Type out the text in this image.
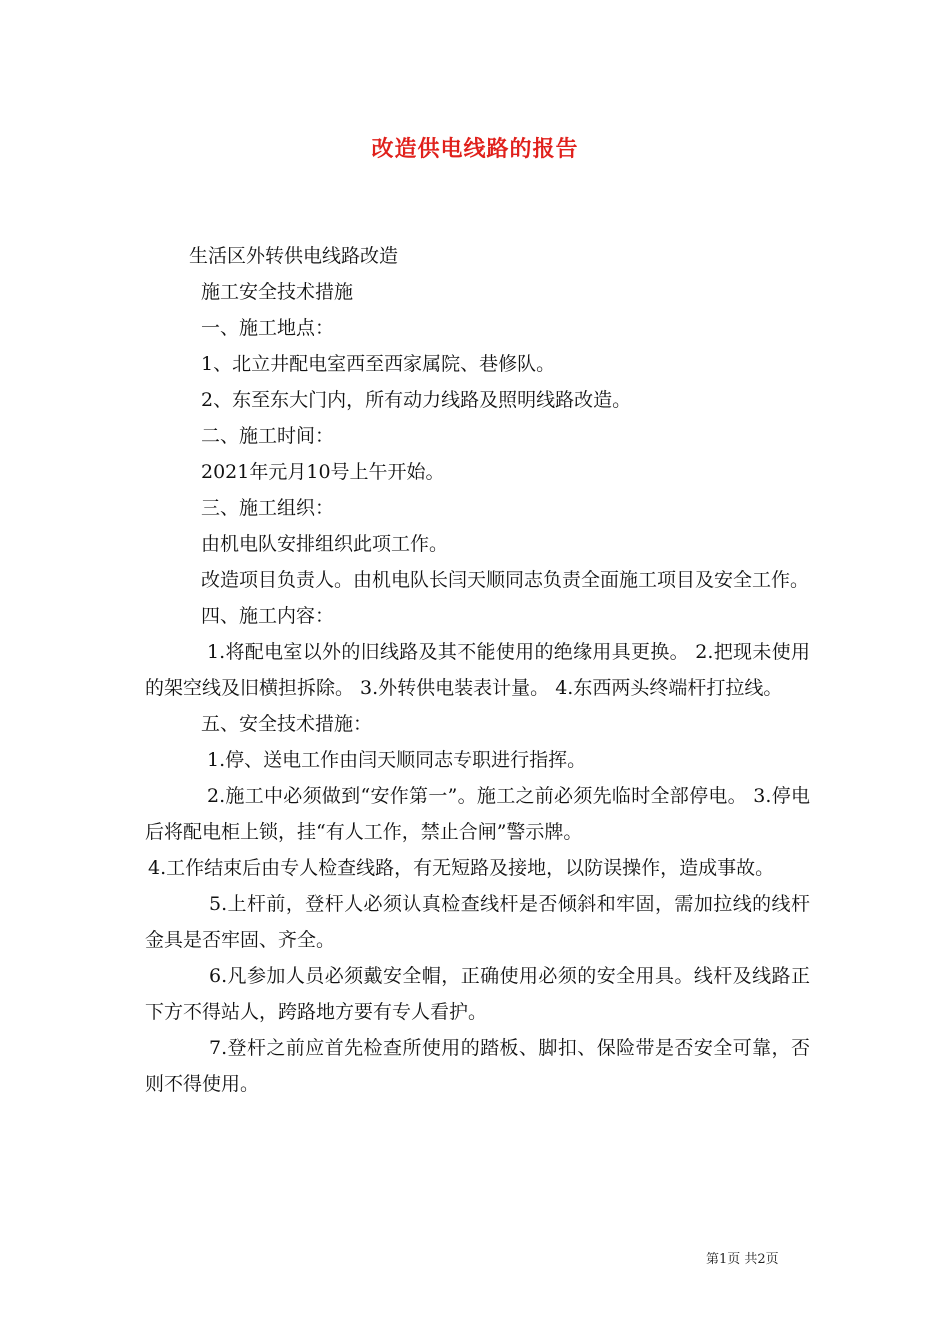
改造供电线路的报告

生活区外转供电线路改造

施工安全技术措施

一、施工地点：

1、北立井配电室西至西家属院、巷修队。

2、东至东大门内，所有动力线路及照明线路改造。

二、施工时间：

2021年元月10号上午开始。

三、施工组织：

由机电队安排组织此项工作。

改造项目负责人。由机电队长闫天顺同志负责全面施工项目及安全工作。

四、施工内容：

1.将配电室以外的旧线路及其不能使用的绝缘用具更换。 2.把现未使用的架空线及旧横担拆除。 3.外转供电装表计量。 4.东西两头终端杆打拉线。

五、安全技术措施：

1.停、送电工作由闫天顺同志专职进行指挥。

2.施工中必须做到“安作第一”。施工之前必须先临时全部停电。 3.停电后将配电柜上锁，挂“有人工作，禁止合闸”警示牌。

4.工作结束后由专人检查线路，有无短路及接地，以防误操作，造成事故。

5.上杆前，登杆人必须认真检查线杆是否倾斜和牢固，需加拉线的线杆金具是否牢固、齐全。

6.凡参加人员必须戴安全帽，正确使用必须的安全用具。线杆及线路正下方不得站人，跨路地方要有专人看护。

7.登杆之前应首先检查所使用的踏板、脚扣、保险带是否安全可靠，否则不得使用。

第1页 共2页
